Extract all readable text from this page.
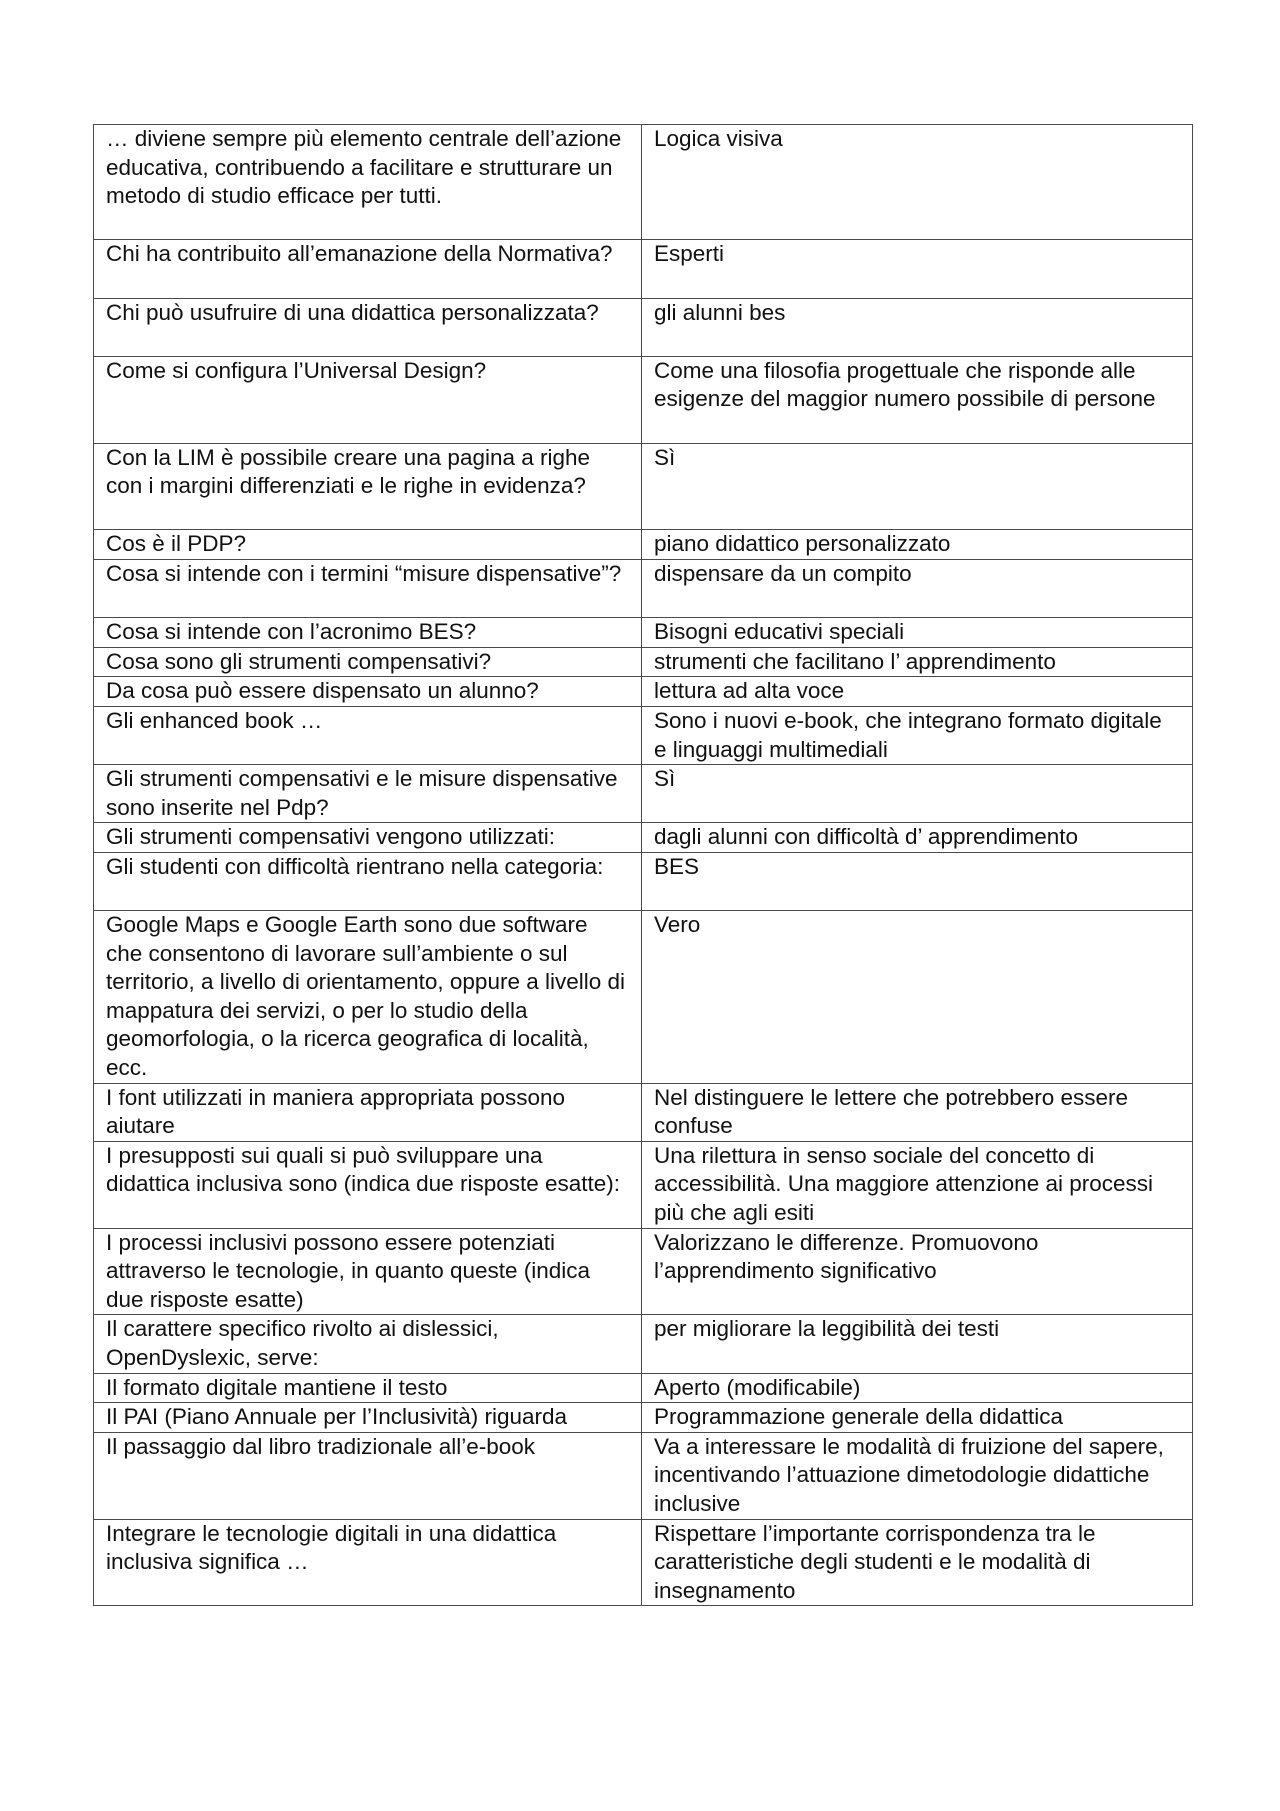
… diviene sempre più elemento centrale dell’azione educativa, contribuendo a facilitare e strutturare un metodo di studio efficace per tutti.	Logica visiva
Chi ha contribuito all’emanazione della Normativa?	Esperti
Chi può usufruire di una didattica personalizzata?	gli alunni bes
Come si configura l’Universal Design?	Come una filosofia progettuale che risponde alle esigenze del maggior numero possibile di persone
Con la LIM è possibile creare una pagina a righe con i margini differenziati e le righe in evidenza?	Sì
Cos è il PDP?	piano didattico personalizzato
Cosa si intende con i termini “misure dispensative”?	dispensare da un compito
Cosa si intende con l’acronimo BES?	Bisogni educativi speciali
Cosa sono gli strumenti compensativi?	strumenti che facilitano l’ apprendimento
Da cosa può essere dispensato un alunno?	lettura ad alta voce
Gli enhanced book …	Sono i nuovi e-book, che integrano formato digitale e linguaggi multimediali
Gli strumenti compensativi e le misure dispensative sono inserite nel Pdp?	Sì
Gli strumenti compensativi vengono utilizzati:	dagli alunni con difficoltà d’ apprendimento
Gli studenti con difficoltà rientrano nella categoria:	BES
Google Maps e Google Earth sono due software che consentono di lavorare sull’ambiente o sul territorio, a livello di orientamento, oppure a livello di mappatura dei servizi, o per lo studio della geomorfologia, o la ricerca geografica di località, ecc.	Vero
I font utilizzati in maniera appropriata possono aiutare	Nel distinguere le lettere che potrebbero essere confuse
I presupposti sui quali si può sviluppare una didattica inclusiva sono (indica due risposte esatte):	Una rilettura in senso sociale del concetto di accessibilità. Una maggiore attenzione ai processi più che agli esiti
I processi inclusivi possono essere potenziati attraverso le tecnologie, in quanto queste (indica due risposte esatte)	Valorizzano le differenze. Promuovono l’apprendimento significativo
Il carattere specifico rivolto ai dislessici, OpenDyslexic, serve:	per migliorare la leggibilità dei testi
Il formato digitale mantiene il testo	Aperto (modificabile)
Il PAI (Piano Annuale per l’Inclusività) riguarda	Programmazione generale della didattica
Il passaggio dal libro tradizionale all’e-book	Va a interessare le modalità di fruizione del sapere, incentivando l’attuazione dimetodologie didattiche inclusive
Integrare le tecnologie digitali in una didattica inclusiva significa …	Rispettare l’importante corrispondenza tra le caratteristiche degli studenti e le modalità di insegnamento
